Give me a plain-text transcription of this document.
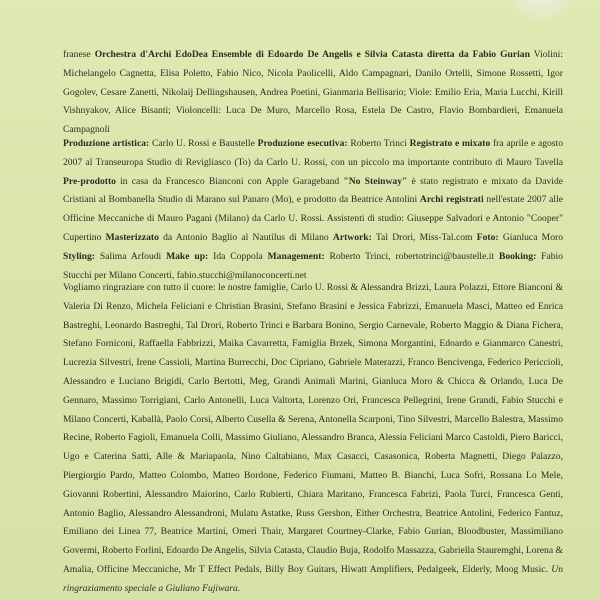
franese Orchestra d'Archi EdoDea Ensemble di Edoardo De Angelis e Silvia Catasta diretta da Fabio Gurian Violini: Michelangelo Cagnetta, Elisa Poletto, Fabio Nico, Nicola Paolicelli, Aldo Campagnari, Danilo Ortelli, Simone Rossetti, Igor Gogolev, Cesare Zanetti, Nikolaij Dellingshausen, Andrea Poetini, Gianmaria Bellisario; Viole: Emilio Eria, Maria Lucchi, Kirill Vishnyakov, Alice Bisanti; Violoncelli: Luca De Muro, Marcello Rosa, Estela De Castro, Flavio Bombardieri, Emanuela Campagnoli

Produzione artistica: Carlo U. Rossi e Baustelle Produzione esecutiva: Roberto Trinci Registrato e mixato fra aprile e agosto 2007 al Transeuropa Studio di Revigliasco (To) da Carlo U. Rossi, con un piccolo ma importante contributo di Mauro Tavella Pre-prodotto in casa da Francesco Bianconi con Apple Garageband "No Steinway" è stato registrato e mixato da Davide Cristiani al Bombanella Studio di Marano sul Panaro (Mo), e prodotto da Beatrice Antolini Archi registrati nell'estate 2007 alle Officine Meccaniche di Mauro Pagani (Milano) da Carlo U. Rossi. Assistenti di studio: Giuseppe Salvadori e Antonio "Cooper" Cupertino Masterizzato da Antonio Baglio al Nautilus di Milano Artwork: Tal Drori, Miss-Tal.com Foto: Gianluca Moro Styling: Salima Arfoudi Make up: Ida Coppola Management: Roberto Trinci, robertotrinci@baustelle.it Booking: Fabio Stucchi per Milano Concerti, fabio.stucchi@milanoconcerti.net

Vogliamo ringraziare con tutto il cuore: le nostre famiglie, Carlo U. Rossi & Alessandra Brizzi, Laura Polazzi, Ettore Bianconi & Valeria Di Renzo, Michela Feliciani e Christian Brasini, Stefano Brasini e Jessica Fabrizzi, Emanuela Masci, Matteo ed Enrica Bastreghi, Leonardo Bastreghi, Tal Drori, Roberto Trinci e Barbara Bonino, Sergio Carnevale, Roberto Maggio & Diana Fichera, Stefano Forniconi, Raffaella Fabbrizzi, Maika Cavarretta, Famiglia Brzek, Simona Morgantini, Edoardo e Gianmarco Canestri, Lucrezia Silvestri, Irene Cassioli, Martina Burrecchi, Doc Cipriano, Gabriele Materazzi, Franco Bencivenga, Federico Pericciolì, Alessandro e Luciano Brigidi, Carlo Bertotti, Meg, Grandi Animali Marini, Gianluca Moro & Chicca & Orlando, Luca De Gennaro, Massimo Torrigiani, Carlo Antonelli, Luca Valtorta, Lorenzo Ori, Francesca Pellegrini, Irene Grandi, Fabio Stucchi e Milano Concerti, Kaballà, Paolo Corsi, Alberto Cusella & Serena, Antonella Scarponi, Tino Silvestri, Marcello Balestra, Massimo Recine, Roberto Fagioli, Emanuela Colli, Massimo Giuliano, Alessandro Branca, Alessia Feliciani Marco Castoldi, Piero Baricci, Ugo e Caterina Satti, Alle & Mariapaola, Nino Caltabiano, Max Casacci, Casasonica, Roberta Magnetti, Diego Palazzo, Piergiorgio Pardo, Matteo Colombo, Matteo Bordone, Federico Fiumani, Matteo B. Bianchi, Luca Sofri, Rossana Lo Mele, Giovanni Robertini, Alessandro Maiorino, Carlo Rubierti, Chiara Maritano, Francesca Fabrizi, Paola Turci, Francesca Genti, Antonio Baglio, Alessandro Alessandroni, Mulatu Astatke, Russ Gershon, Either Orchestra, Beatrice Antolini, Federico Fantuz, Emiliano dei Linea 77, Beatrice Martini, Omeri Thair, Margaret Courtney-Clarke, Fabio Gurian, Bloodbuster, Massimiliano Govermi, Roberto Forlini, Edoardo De Angelis, Silvia Catasta, Claudio Buja, Rodolfo Massazza, Gabriella Stauremghi, Lorena & Amalia, Officine Meccaniche, Mr T Effect Pedals, Billy Boy Guitars, Hiwatt Amplifiers, Pedalgeek, Elderly, Moog Music. Un ringraziamento speciale a Giuliano Fujiwara.
